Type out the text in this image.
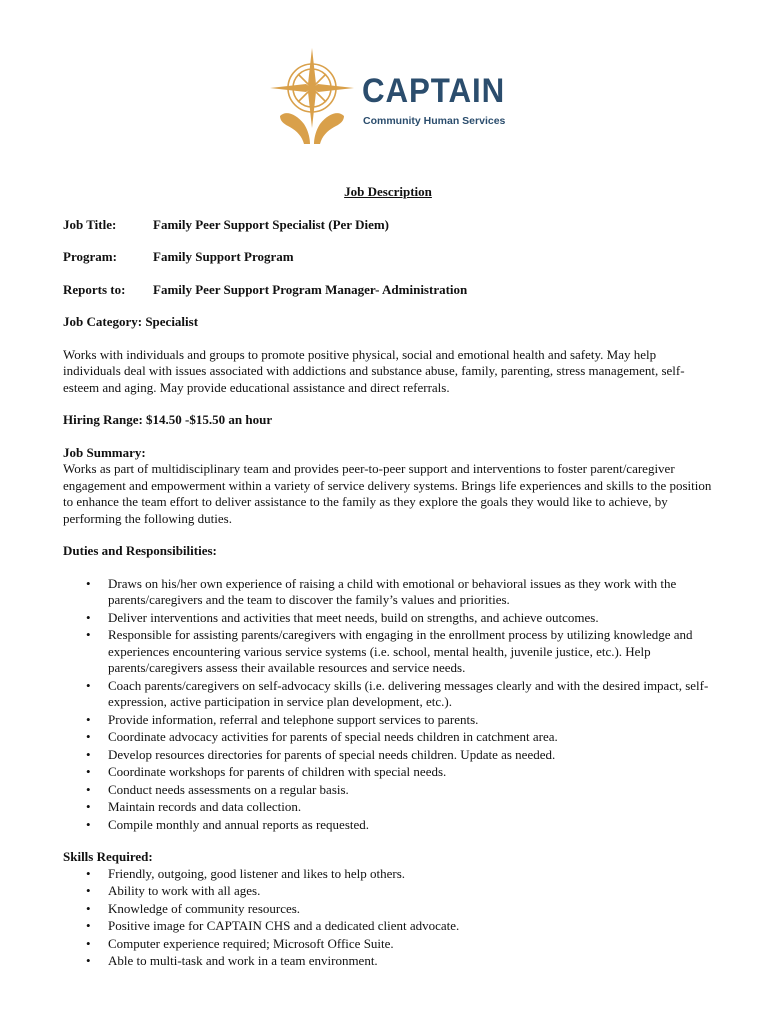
CAPTAIN
Community Human Services
Job Description
Job Title:	Family Peer Support Specialist (Per Diem)
Program:	Family Support Program
Reports to:	Family Peer Support Program Manager- Administration
Job Category: Specialist

Works with individuals and groups to promote positive physical, social and emotional health and safety. May help individuals deal with issues associated with addictions and substance abuse, family, parenting, stress management, self-esteem and aging. May provide educational assistance and direct referrals.

Hiring Range: $14.50 -$15.50 an hour
Job Summary:
Works as part of multidisciplinary team and provides peer-to-peer support and interventions to foster parent/caregiver engagement and empowerment within a variety of service delivery systems. Brings life experiences and skills to the position to enhance the team effort to deliver assistance to the family as they explore the goals they would like to achieve, by performing the following duties.
Duties and Responsibilities:
• Draws on his/her own experience of raising a child with emotional or behavioral issues as they work with the parents/caregivers and the team to discover the family’s values and priorities.
• Deliver interventions and activities that meet needs, build on strengths, and achieve outcomes.
• Responsible for assisting parents/caregivers with engaging in the enrollment process by utilizing knowledge and experiences encountering various service systems (i.e. school, mental health, juvenile justice, etc.). Help parents/caregivers assess their available resources and service needs.
• Coach parents/caregivers on self-advocacy skills (i.e. delivering messages clearly and with the desired impact, self-expression, active participation in service plan development, etc.).
• Provide information, referral and telephone support services to parents.
• Coordinate advocacy activities for parents of special needs children in catchment area.
• Develop resources directories for parents of special needs children. Update as needed.
• Coordinate workshops for parents of children with special needs.
• Conduct needs assessments on a regular basis.
• Maintain records and data collection.
• Compile monthly and annual reports as requested.
Skills Required:
• Friendly, outgoing, good listener and likes to help others.
• Ability to work with all ages.
• Knowledge of community resources.
• Positive image for CAPTAIN CHS and a dedicated client advocate.
• Computer experience required; Microsoft Office Suite.
• Able to multi-task and work in a team environment.
